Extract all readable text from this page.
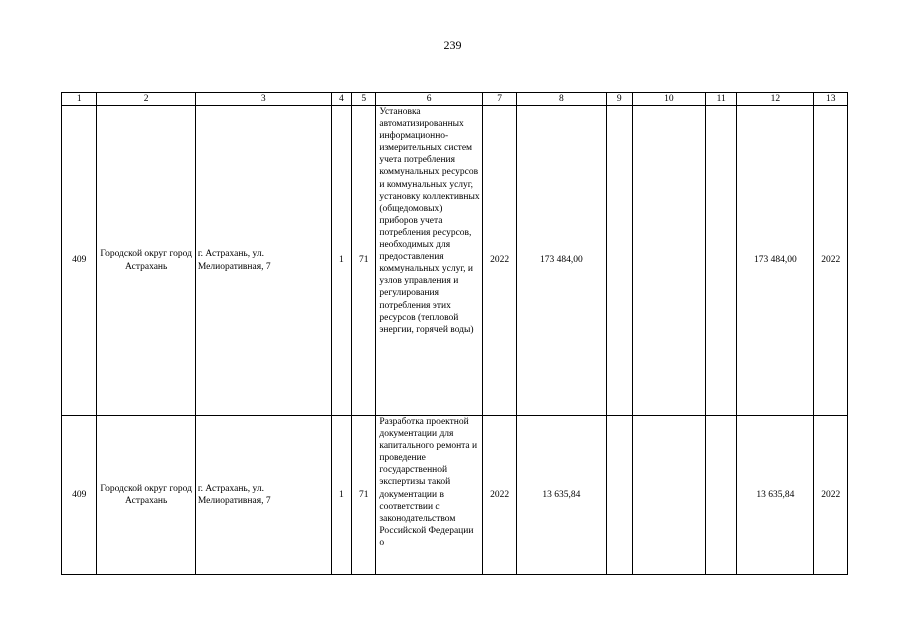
239
1	2	3	4	5	6	7	8	9	10	11	12	13
409	Городской округ город Астрахань	г. Астрахань, ул. Мелиоративная, 7	1	71	Установка автоматизированных информационно-измерительных систем учета потребления коммунальных ресурсов и коммунальных услуг, установку коллективных (общедомовых) приборов учета потребления ресурсов, необходимых для предоставления коммунальных услуг, и узлов управления и регулирования потребления этих ресурсов (тепловой энергии, горячей воды)	2022	173 484,00				173 484,00	2022
409	Городской округ город Астрахань	г. Астрахань, ул. Мелиоративная, 7	1	71	Разработка проектной документации для капитального ремонта и проведение государственной экспертизы такой документации в соответствии с законодательством Российской Федерации о	2022	13 635,84				13 635,84	2022
